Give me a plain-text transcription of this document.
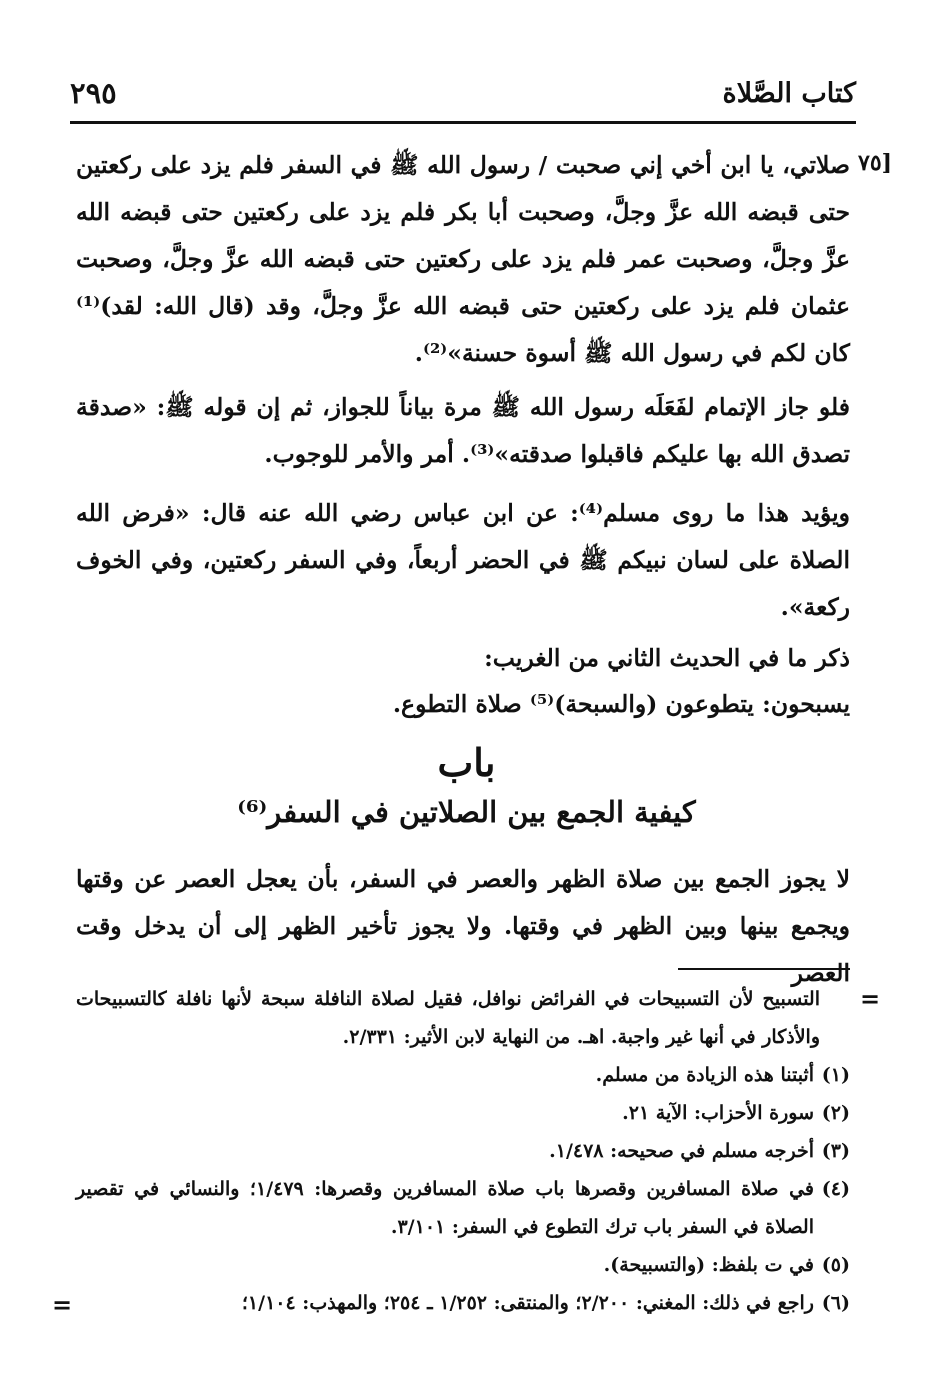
كتاب الصَّلاة
٢٩٥
[٧٥
صلاتي، يا ابن أخي إني صحبت / رسول الله ﷺ في السفر فلم يزد على ركعتين حتى قبضه الله عزَّ وجلَّ، وصحبت أبا بكر فلم يزد على ركعتين حتى قبضه الله عزَّ وجلَّ، وصحبت عمر فلم يزد على ركعتين حتى قبضه الله عزَّ وجلَّ، وصحبت عثمان فلم يزد على ركعتين حتى قبضه الله عزَّ وجلَّ، وقد (قال الله: لقد)⁽¹⁾ كان لكم في رسول الله ﷺ أسوة حسنة»⁽²⁾.
فلو جاز الإتمام لفَعَلَه رسول الله ﷺ مرة بياناً للجواز، ثم إن قوله ﷺ: «صدقة تصدق الله بها عليكم فاقبلوا صدقته»⁽³⁾. أمر والأمر للوجوب.
ويؤيد هذا ما روى مسلم⁽⁴⁾: عن ابن عباس رضي الله عنه قال: «فرض الله الصلاة على لسان نبيكم ﷺ في الحضر أربعاً، وفي السفر ركعتين، وفي الخوف ركعة».
ذكر ما في الحديث الثاني من الغريب:
يسبحون: يتطوعون (والسبحة)⁽⁵⁾ صلاة التطوع.
باب
كيفية الجمع بين الصلاتين في السفر⁽⁶⁾
لا يجوز الجمع بين صلاة الظهر والعصر في السفر، بأن يعجل العصر عن وقتها ويجمع بينها وبين الظهر في وقتها. ولا يجوز تأخير الظهر إلى أن يدخل وقت العصر
=
التسبيح لأن التسبيحات في الفرائض نوافل، فقيل لصلاة النافلة سبحة لأنها نافلة كالتسبيحات والأذكار في أنها غير واجبة. اهـ. من النهاية لابن الأثير: ٢/٣٣١.
(١)
أثبتنا هذه الزيادة من مسلم.
(٢)
سورة الأحزاب: الآية ٢١.
(٣)
أخرجه مسلم في صحيحه: ١/٤٧٨.
(٤)
في صلاة المسافرين وقصرها باب صلاة المسافرين وقصرها: ١/٤٧٩؛ والنسائي في تقصير الصلاة في السفر باب ترك التطوع في السفر: ٣/١٠١.
(٥)
في ت بلفظ: (والتسبيحة).
(٦)
راجع في ذلك: المغني: ٢/٢٠٠؛ والمنتقى: ١/٢٥٢ ـ ٢٥٤؛ والمهذب: ١/١٠٤؛
=
